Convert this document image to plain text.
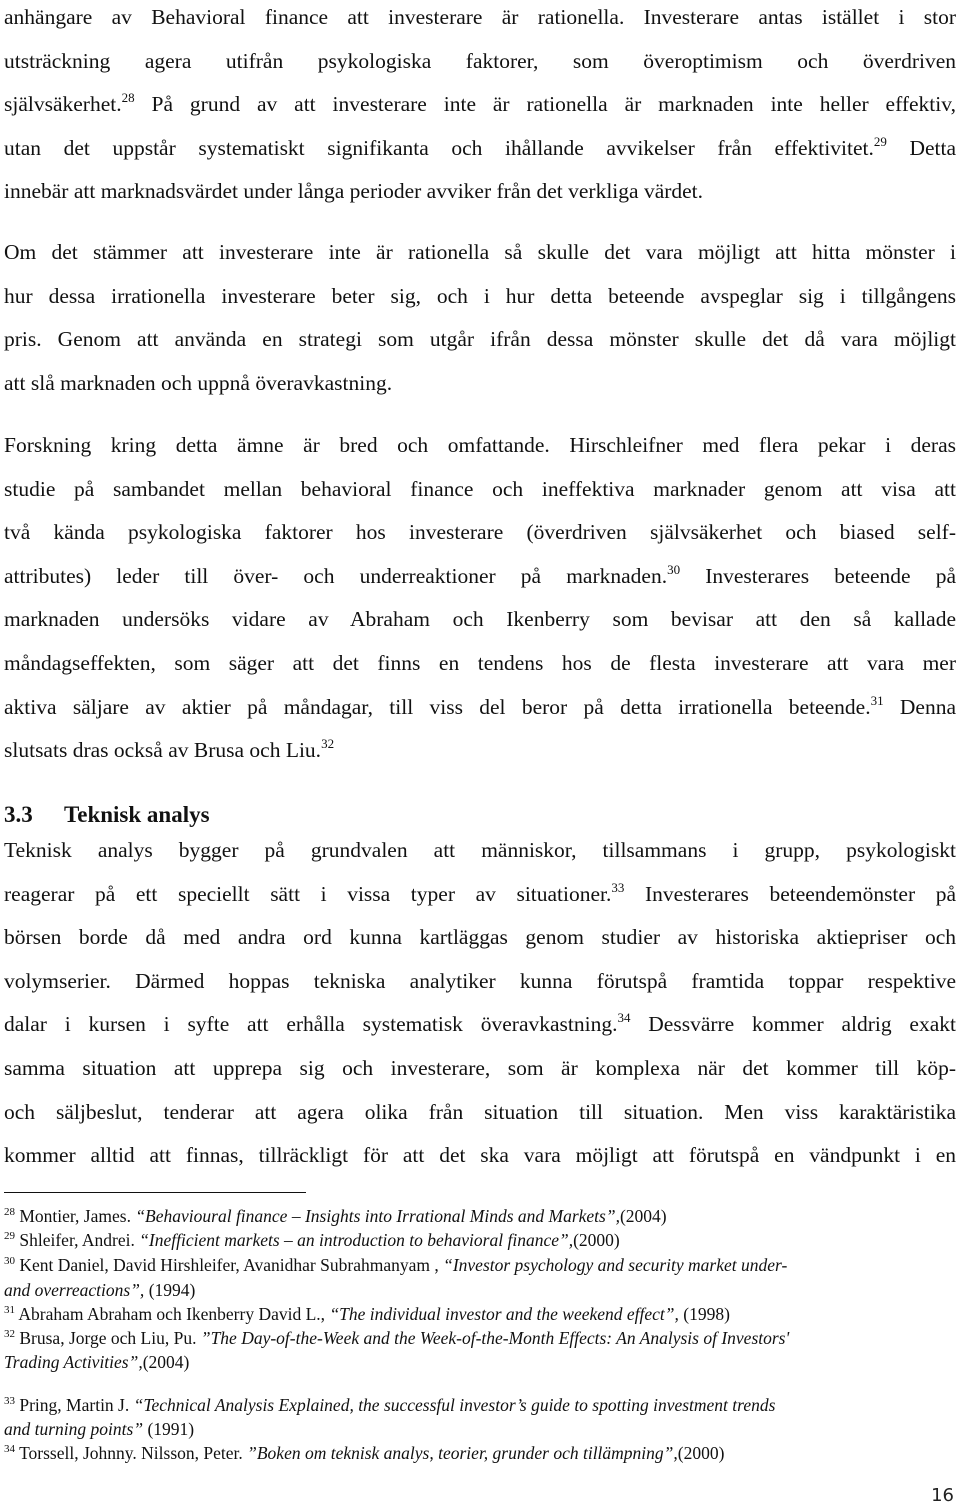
anhängare av Behavioral finance att investerare är rationella. Investerare antas istället i stor

utsträckning agera utifrån psykologiska faktorer, som överoptimism och överdriven

självsäkerhet.$^{28}$ På grund av att investerare inte är rationella är marknaden inte heller effektiv,

utan det uppstår systematiskt signifikanta och ihållande avvikelser från effektivitet.$^{29}$ Detta

innebär att marknadsvärdet under långa perioder avviker från det verkliga värdet.

Om det stämmer att investerare inte är rationella så skulle det vara möjligt att hitta mönster i

hur dessa irrationella investerare beter sig, och i hur detta beteende avspeglar sig i tillgångens

pris. Genom att använda en strategi som utgår ifrån dessa mönster skulle det då vara möjligt

att slå marknaden och uppnå överavkastning.

Forskning kring detta ämne är bred och omfattande. Hirschleifner med flera pekar i deras

studie på sambandet mellan behavioral finance och ineffektiva marknader genom att visa att

två kända psykologiska faktorer hos investerare (överdriven självsäkerhet och biased self-

attributes) leder till över- och underreaktioner på marknaden.$^{30}$ Investerares beteende på

marknaden undersöks vidare av Abraham och Ikenberry som bevisar att den så kallade

måndagseffekten, som säger att det finns en tendens hos de flesta investerare att vara mer

aktiva säljare av aktier på måndagar, till viss del beror på detta irrationella beteende.$^{31}$ Denna

slutsats dras också av Brusa och Liu.$^{32}$

Teknisk analys bygger på grundvalen att människor, tillsammans i grupp, psykologiskt

reagerar på ett speciellt sätt i vissa typer av situationer.$^{33}$ Investerares beteendemönster på

börsen borde då med andra ord kunna kartläggas genom studier av historiska aktiepriser och

volymserier. Därmed hoppas tekniska analytiker kunna förutspå framtida toppar respektive

dalar i kursen i syfte att erhålla systematisk överavkastning.$^{34}$ Dessvärre kommer aldrig exakt

samma situation att upprepa sig och investerare, som är komplexa när det kommer till köp-

och säljbeslut, tenderar att agera olika från situation till situation. Men viss karaktäristika

kommer alltid att finnas, tillräckligt för att det ska vara möjligt att förutspå en vändpunkt i en

3.3 Teknisk analys

$^{28}$ Montier, James. “Behavioural finance – Insights into Irrational Minds and Markets”,(2004)

$^{29}$ Shleifer, Andrei. “Inefficient markets – an introduction to behavioral finance”,(2000)

$^{30}$ Kent Daniel, David Hirshleifer, Avanidhar Subrahmanyam , “Investor psychology and security market under-

and overreactions”, (1994)

$^{31}$ Abraham Abraham och Ikenberry David L., “The individual investor and the weekend effect”, (1998)

$^{32}$ Brusa, Jorge och Liu, Pu. ”The Day-of-the-Week and the Week-of-the-Month Effects: An Analysis of Investors'

Trading Activities”,(2004)

$^{33}$ Pring, Martin J. “Technical Analysis Explained, the successful investor’s guide to spotting investment trends

and turning points” (1991)

$^{34}$ Torssell, Johnny. Nilsson, Peter. ”Boken om teknisk analys, teorier, grunder och tillämpning”,(2000)

16
